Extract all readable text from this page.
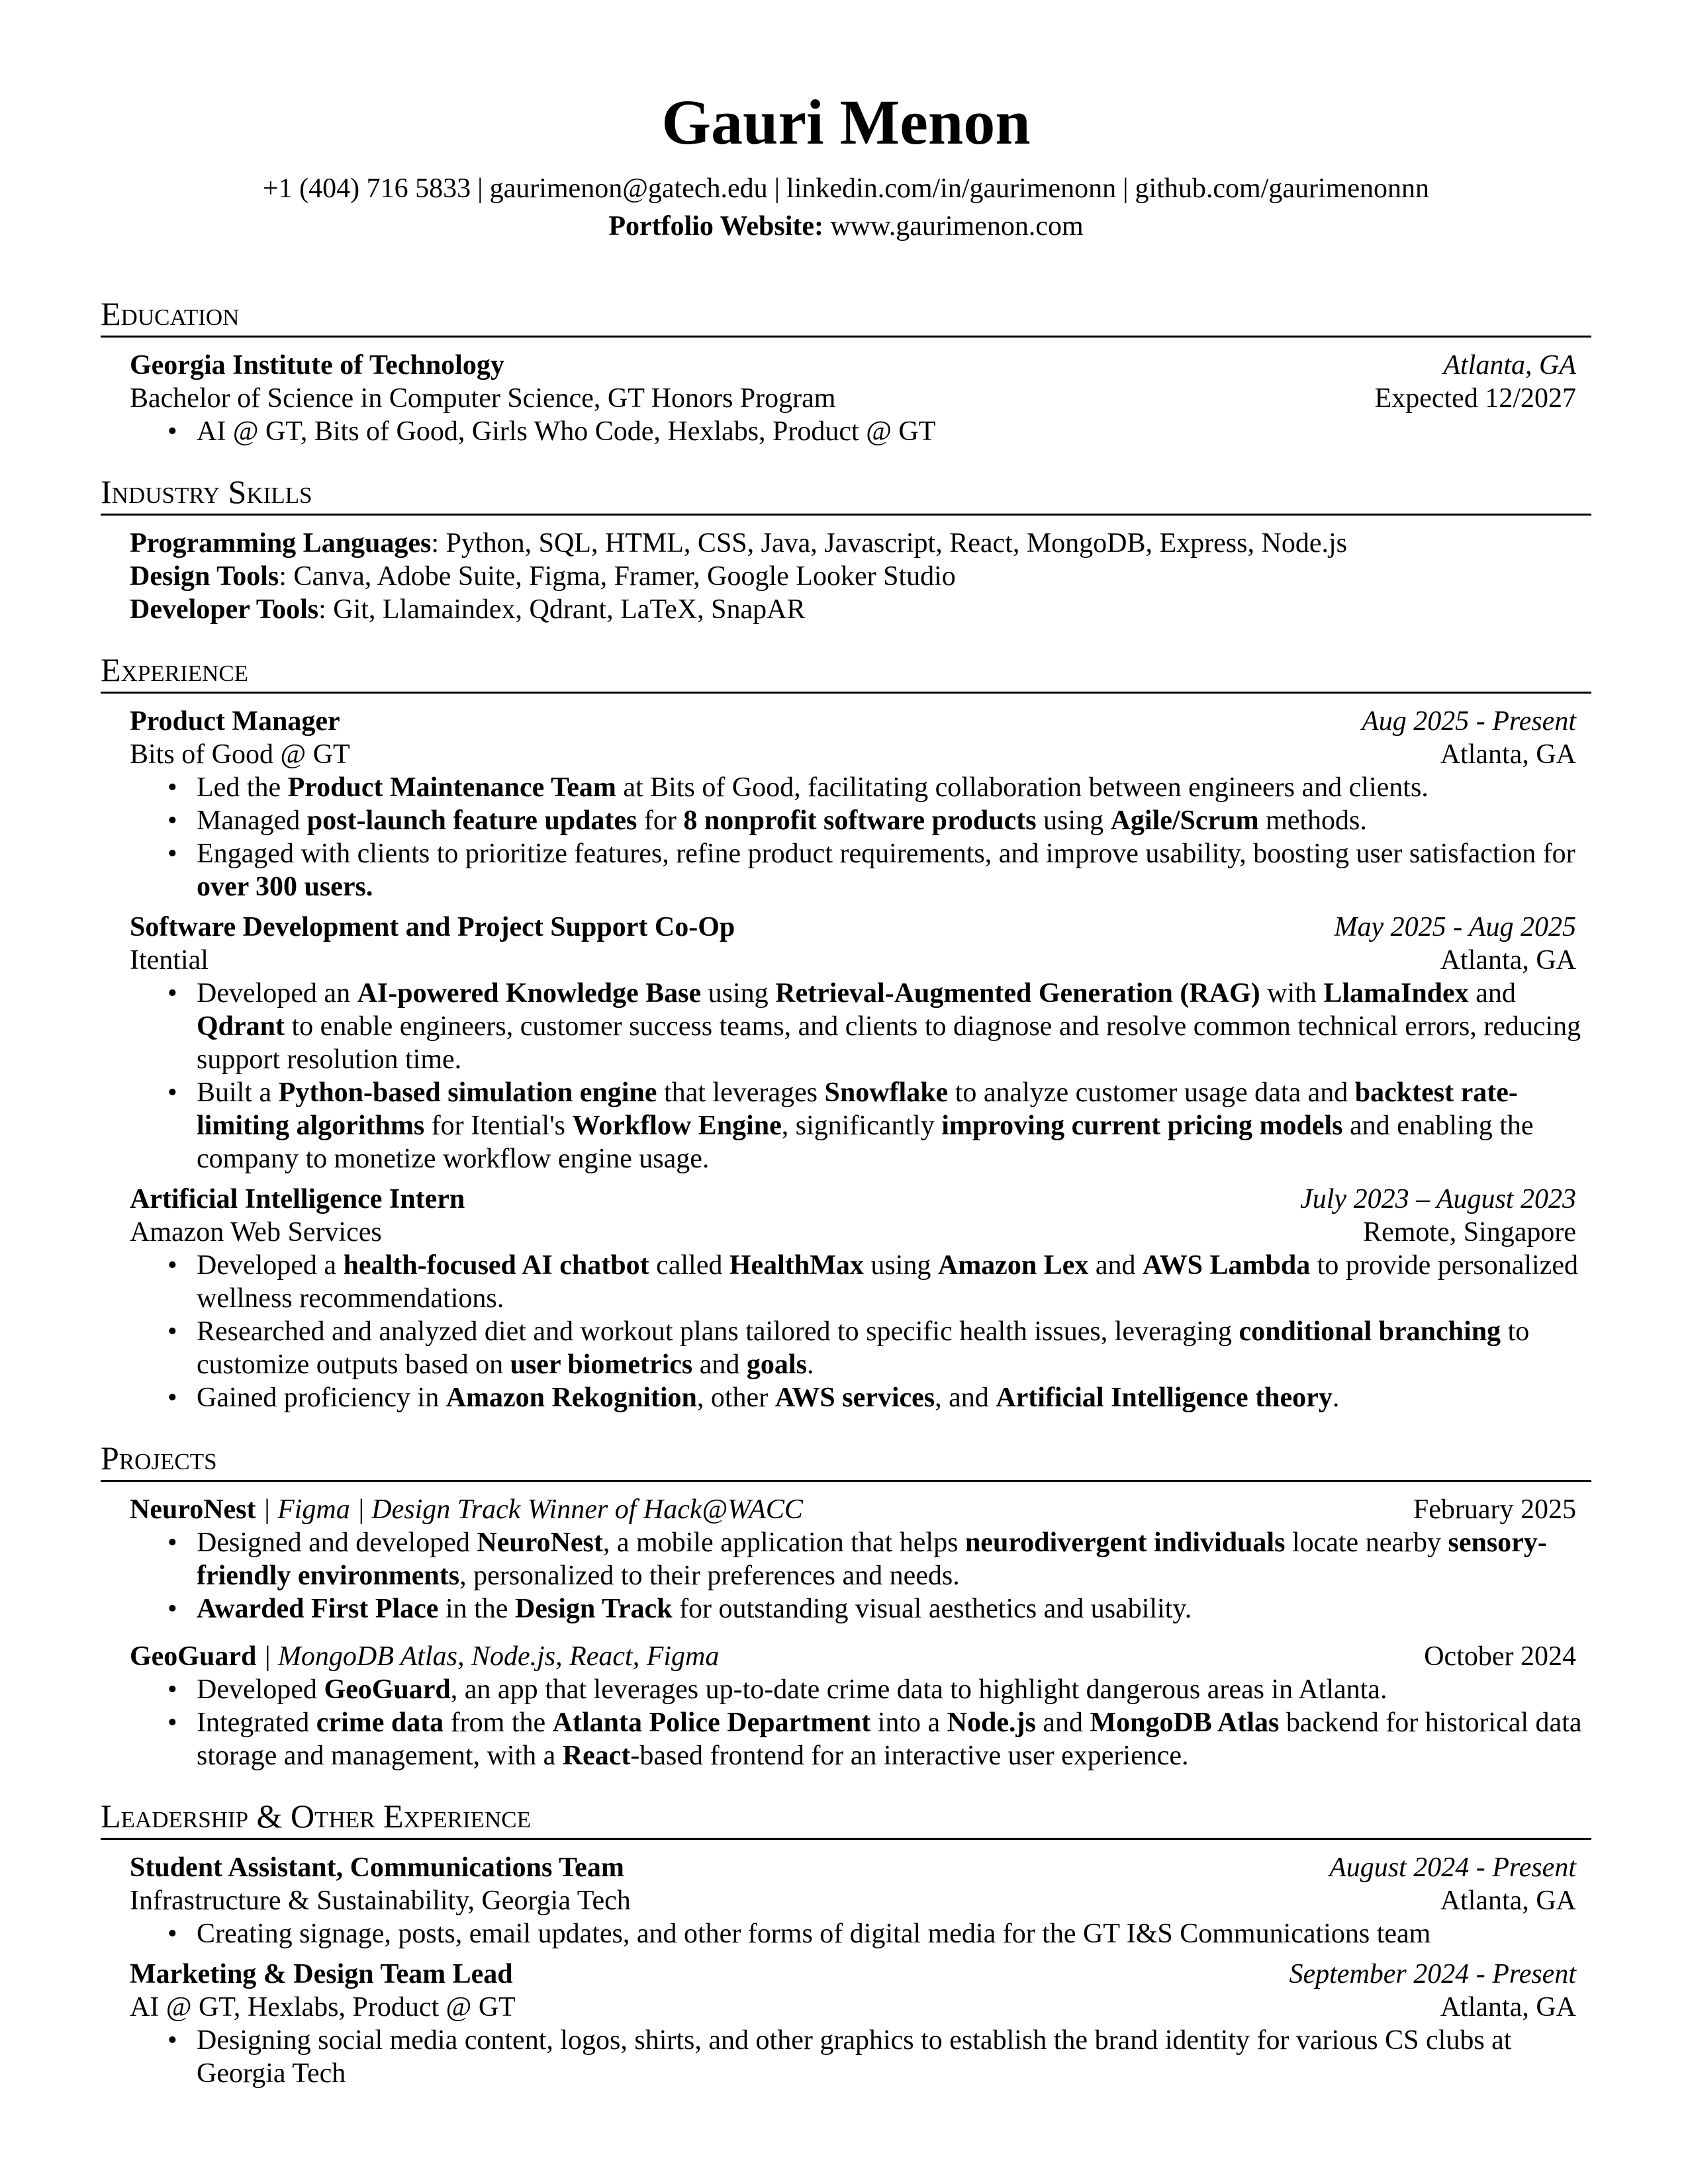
Gauri Menon
+1 (404) 716 5833 | gaurimenon@gatech.edu | linkedin.com/in/gaurimenonn | github.com/gaurimenonnn
Portfolio Website: www.gaurimenon.com
Education
Georgia Institute of Technology	Atlanta, GA
Bachelor of Science in Computer Science, GT Honors Program	Expected 12/2027
• AI @ GT, Bits of Good, Girls Who Code, Hexlabs, Product @ GT
Industry Skills
Programming Languages: Python, SQL, HTML, CSS, Java, Javascript, React, MongoDB, Express, Node.js
Design Tools: Canva, Adobe Suite, Figma, Framer, Google Looker Studio
Developer Tools: Git, Llamaindex, Qdrant, LaTeX, SnapAR
Experience
Product Manager	Aug 2025 - Present
Bits of Good @ GT	Atlanta, GA
• Led the Product Maintenance Team at Bits of Good, facilitating collaboration between engineers and clients.
• Managed post-launch feature updates for 8 nonprofit software products using Agile/Scrum methods.
• Engaged with clients to prioritize features, refine product requirements, and improve usability, boosting user satisfaction for over 300 users.
Software Development and Project Support Co-Op	May 2025 - Aug 2025
Itential	Atlanta, GA
• Developed an AI-powered Knowledge Base using Retrieval-Augmented Generation (RAG) with LlamaIndex and Qdrant to enable engineers, customer success teams, and clients to diagnose and resolve common technical errors, reducing support resolution time.
• Built a Python-based simulation engine that leverages Snowflake to analyze customer usage data and backtest rate-limiting algorithms for Itential's Workflow Engine, significantly improving current pricing models and enabling the company to monetize workflow engine usage.
Artificial Intelligence Intern	July 2023 – August 2023
Amazon Web Services	Remote, Singapore
• Developed a health-focused AI chatbot called HealthMax using Amazon Lex and AWS Lambda to provide personalized wellness recommendations.
• Researched and analyzed diet and workout plans tailored to specific health issues, leveraging conditional branching to customize outputs based on user biometrics and goals.
• Gained proficiency in Amazon Rekognition, other AWS services, and Artificial Intelligence theory.
Projects
NeuroNest | Figma | Design Track Winner of Hack@WACC	February 2025
• Designed and developed NeuroNest, a mobile application that helps neurodivergent individuals locate nearby sensory-friendly environments, personalized to their preferences and needs.
• Awarded First Place in the Design Track for outstanding visual aesthetics and usability.
GeoGuard | MongoDB Atlas, Node.js, React, Figma	October 2024
• Developed GeoGuard, an app that leverages up-to-date crime data to highlight dangerous areas in Atlanta.
• Integrated crime data from the Atlanta Police Department into a Node.js and MongoDB Atlas backend for historical data storage and management, with a React-based frontend for an interactive user experience.
Leadership & Other Experience
Student Assistant, Communications Team	August 2024 - Present
Infrastructure & Sustainability, Georgia Tech	Atlanta, GA
• Creating signage, posts, email updates, and other forms of digital media for the GT I&S Communications team
Marketing & Design Team Lead	September 2024 - Present
AI @ GT, Hexlabs, Product @ GT	Atlanta, GA
• Designing social media content, logos, shirts, and other graphics to establish the brand identity for various CS clubs at Georgia Tech
